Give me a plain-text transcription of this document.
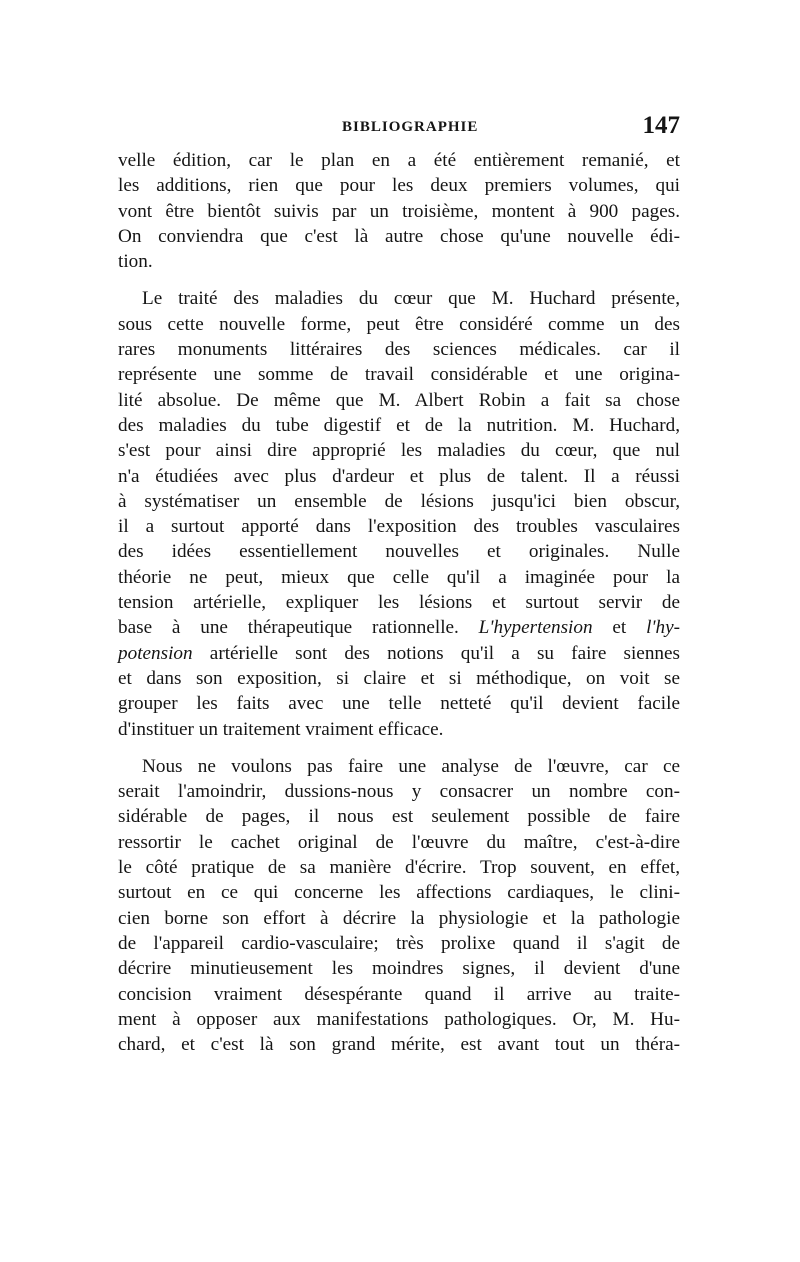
BIBLIOGRAPHIE	147
velle édition, car le plan en a été entièrement remanié, et
les additions, rien que pour les deux premiers volumes, qui
vont être bientôt suivis par un troisième, montent à 900 pages.
On conviendra que c'est là autre chose qu'une nouvelle édi-
tion.
Le traité des maladies du cœur que M. Huchard présente,
sous cette nouvelle forme, peut être considéré comme un des
rares monuments littéraires des sciences médicales. car il
représente une somme de travail considérable et une origina-
lité absolue. De même que M. Albert Robin a fait sa chose
des maladies du tube digestif et de la nutrition. M. Huchard,
s'est pour ainsi dire approprié les maladies du cœur, que nul
n'a étudiées avec plus d'ardeur et plus de talent. Il a réussi
à systématiser un ensemble de lésions jusqu'ici bien obscur,
il a surtout apporté dans l'exposition des troubles vasculaires
des idées essentiellement nouvelles et originales. Nulle
théorie ne peut, mieux que celle qu'il a imaginée pour la
tension artérielle, expliquer les lésions et surtout servir de
base à une thérapeutique rationnelle. L'hypertension et l'hy-
potension artérielle sont des notions qu'il a su faire siennes
et dans son exposition, si claire et si méthodique, on voit se
grouper les faits avec une telle netteté qu'il devient facile
d'instituer un traitement vraiment efficace.
Nous ne voulons pas faire une analyse de l'œuvre, car ce
serait l'amoindrir, dussions-nous y consacrer un nombre con-
sidérable de pages, il nous est seulement possible de faire
ressortir le cachet original de l'œuvre du maître, c'est-à-dire
le côté pratique de sa manière d'écrire. Trop souvent, en effet,
surtout en ce qui concerne les affections cardiaques, le clini-
cien borne son effort à décrire la physiologie et la pathologie
de l'appareil cardio-vasculaire; très prolixe quand il s'agit de
décrire minutieusement les moindres signes, il devient d'une
concision vraiment désespérante quand il arrive au traite-
ment à opposer aux manifestations pathologiques. Or, M. Hu-
chard, et c'est là son grand mérite, est avant tout un théra-
